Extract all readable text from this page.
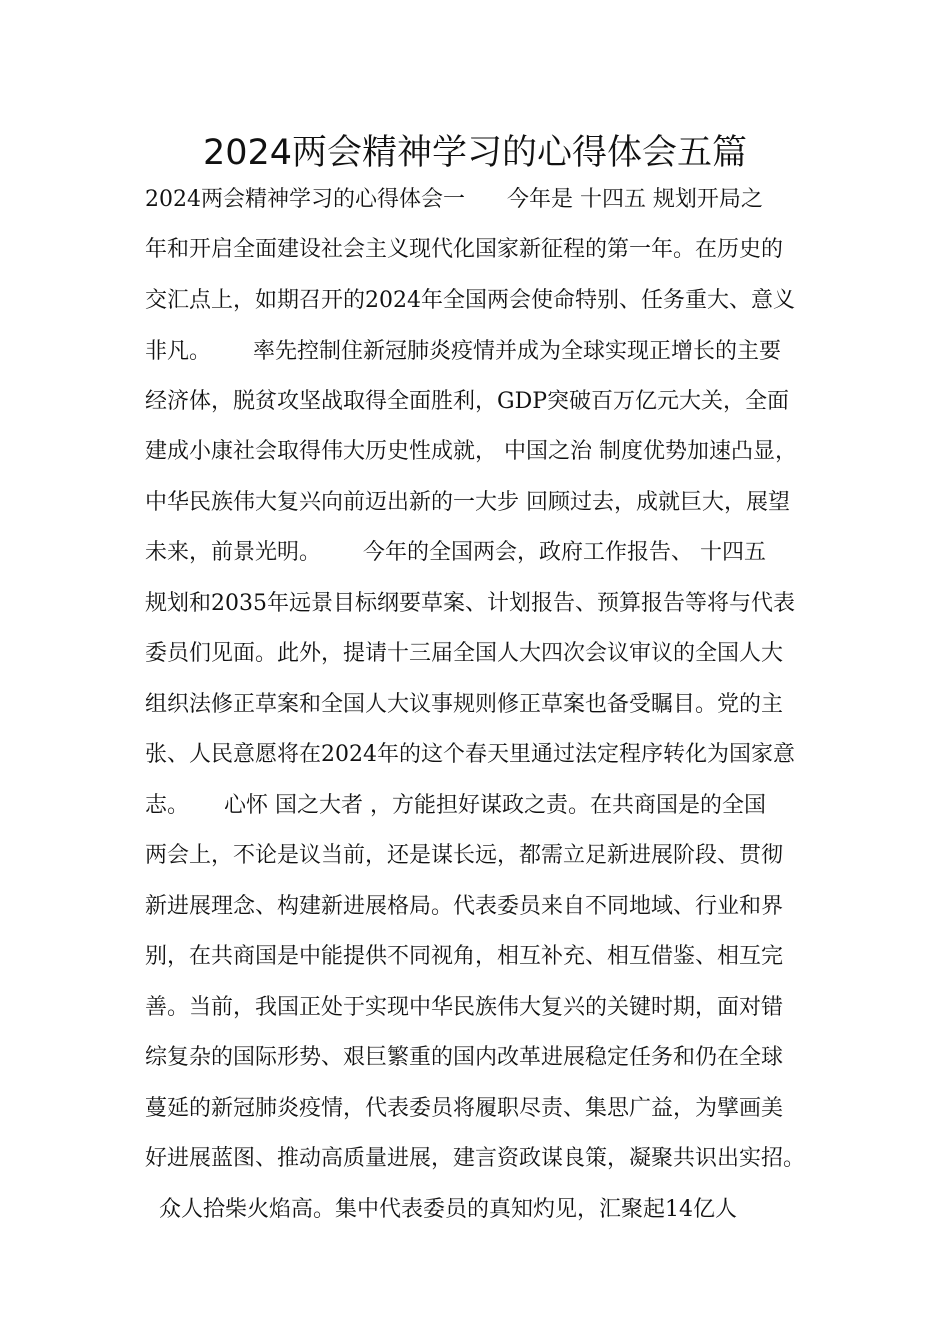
2024两会精神学习的心得体会五篇
2024两会精神学习的心得体会一      今年是 十四五 规划开局之
年和开启全面建设社会主义现代化国家新征程的第一年。在历史的
交汇点上，如期召开的2024年全国两会使命特别、任务重大、意义
非凡。      率先控制住新冠肺炎疫情并成为全球实现正增长的主要
经济体，脱贫攻坚战取得全面胜利，GDP突破百万亿元大关，全面
建成小康社会取得伟大历史性成就， 中国之治 制度优势加速凸显，
中华民族伟大复兴向前迈出新的一大步 回顾过去，成就巨大，展望
未来，前景光明。      今年的全国两会，政府工作报告、 十四五
规划和2035年远景目标纲要草案、计划报告、预算报告等将与代表
委员们见面。此外，提请十三届全国人大四次会议审议的全国人大
组织法修正草案和全国人大议事规则修正草案也备受瞩目。党的主
张、人民意愿将在2024年的这个春天里通过法定程序转化为国家意
志。     心怀 国之大者 ，方能担好谋政之责。在共商国是的全国
两会上，不论是议当前，还是谋长远，都需立足新进展阶段、贯彻
新进展理念、构建新进展格局。代表委员来自不同地域、行业和界
别，在共商国是中能提供不同视角，相互补充、相互借鉴、相互完
善。当前，我国正处于实现中华民族伟大复兴的关键时期，面对错
综复杂的国际形势、艰巨繁重的国内改革进展稳定任务和仍在全球
蔓延的新冠肺炎疫情，代表委员将履职尽责、集思广益，为擘画美
好进展蓝图、推动高质量进展，建言资政谋良策，凝聚共识出实招。
众人拾柴火焰高。集中代表委员的真知灼见，汇聚起14亿人
